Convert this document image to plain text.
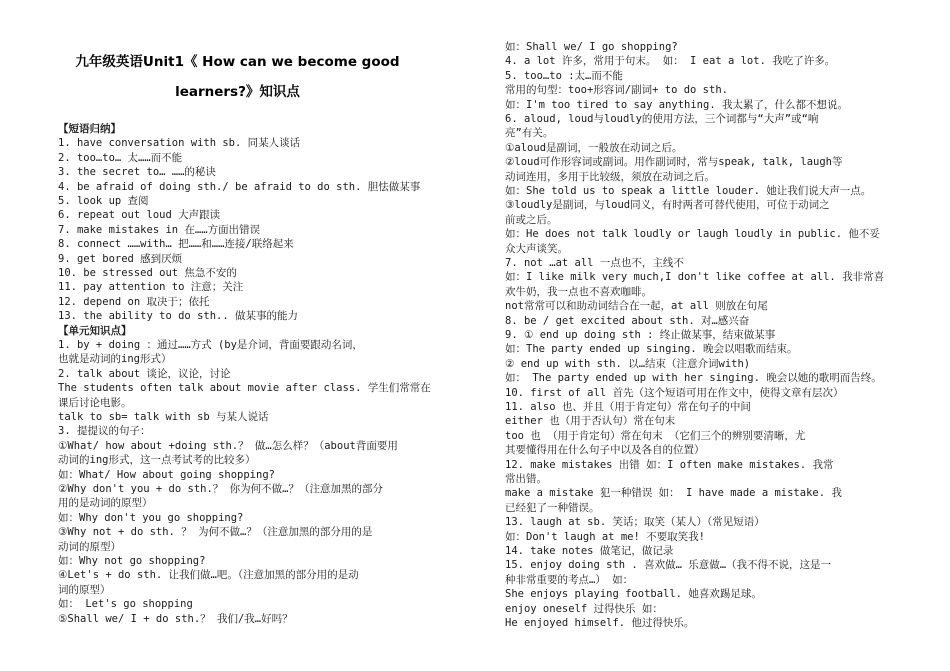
九年级英语Unit1《 How can we become good
learners?》知识点
【短语归纳】
1. have conversation with sb. 同某人谈话
2. too…to… 太……而不能
3. the secret to… ……的秘诀
4. be afraid of doing sth./ be afraid to do sth. 胆怯做某事
5. look up 查阅
6. repeat out loud 大声跟读
7. make mistakes in 在……方面出错误
8. connect ……with… 把……和……连接/联络起来
9. get bored 感到厌烦
10. be stressed out 焦急不安的
11. pay attention to 注意；关注
12. depend on 取决于；依托
13. the ability to do sth.. 做某事的能力
【单元知识点】
1. by + doing ：通过……方式 (by是介词，背面要跟动名词，
也就是动词的ing形式）
2. talk about 谈论，议论，讨论
The students often talk about movie after class. 学生们常常在
课后讨论电影。
talk to sb= talk with sb 与某人说话
3. 提提议的句子：
①What/ how about +doing sth.？ 做…怎么样？（about背面要用
动词的ing形式，这一点考试考的比较多）
如：What/ How about going shopping?
②Why don't you + do sth.？ 你为何不做…？（注意加黑的部分
用的是动词的原型）
如：Why don't you go shopping?
③Why not + do sth. ？ 为何不做…？（注意加黑的部分用的是
动词的原型）
如：Why not go shopping?
④Let's + do sth. 让我们做…吧。（注意加黑的部分用的是动
词的原型）
如： Let's go shopping
⑤Shall we/ I + do sth.？ 我们/我…好吗？
如：Shall we/ I go shopping?
4. a lot 许多，常用于句末。 如： I eat a lot. 我吃了许多。
5. too…to :太…而不能
常用的句型：too+形容词/副词+ to do sth.
如：I'm too tired to say anything. 我太累了，什么都不想说。
6. aloud, loud与loudly的使用方法，三个词都与“大声”或“响
亮”有关。
①aloud是副词，一般放在动词之后。
②loud可作形容词或副词。用作副词时，常与speak, talk, laugh等
动词连用，多用于比较级，须放在动词之后。
如：She told us to speak a little louder. 她让我们说大声一点。
③loudly是副词，与loud同义，有时两者可替代使用，可位于动词之
前或之后。
如：He does not talk loudly or laugh loudly in public. 他不妥
众大声谈笑。
7. not …at all 一点也不，主线不
如：I like milk very much,I don't like coffee at all. 我非常喜
欢牛奶，我一点也不喜欢咖啡。
not常常可以和助动词结合在一起，at all 则放在句尾
8. be / get excited about sth. 对…感兴奋
9. ① end up doing sth : 终止做某事，结束做某事
如：The party ended up singing. 晚会以唱歌而结束。
② end up with sth. 以…结束（注意介词with)
如： The party ended up with her singing. 晚会以她的歌明而告终。
10. first of all 首先（这个短语可用在作文中，使得文章有层次）
11. also 也、并且（用于肯定句）常在句子的中间
either 也（用于否认句）常在句末
too 也 （用于肯定句）常在句末 （它们三个的辨别要清晰，尤
其要懂得用在什么句子中以及各自的位置）
12. make mistakes 出错 如：I often make mistakes. 我常
常出错。
make a mistake 犯一种错误 如： I have made a mistake. 我
已经犯了一种错误。
13. laugh at sb. 笑话；取笑（某人）（常见短语）
如：Don't laugh at me! 不要取笑我!
14. take notes 做笔记，做记录
15. enjoy doing sth . 喜欢做… 乐意做…（我不得不说，这是一
种非常重要的考点…） 如：
She enjoys playing football. 她喜欢踢足球。
enjoy oneself 过得快乐 如：
He enjoyed himself. 他过得快乐。
